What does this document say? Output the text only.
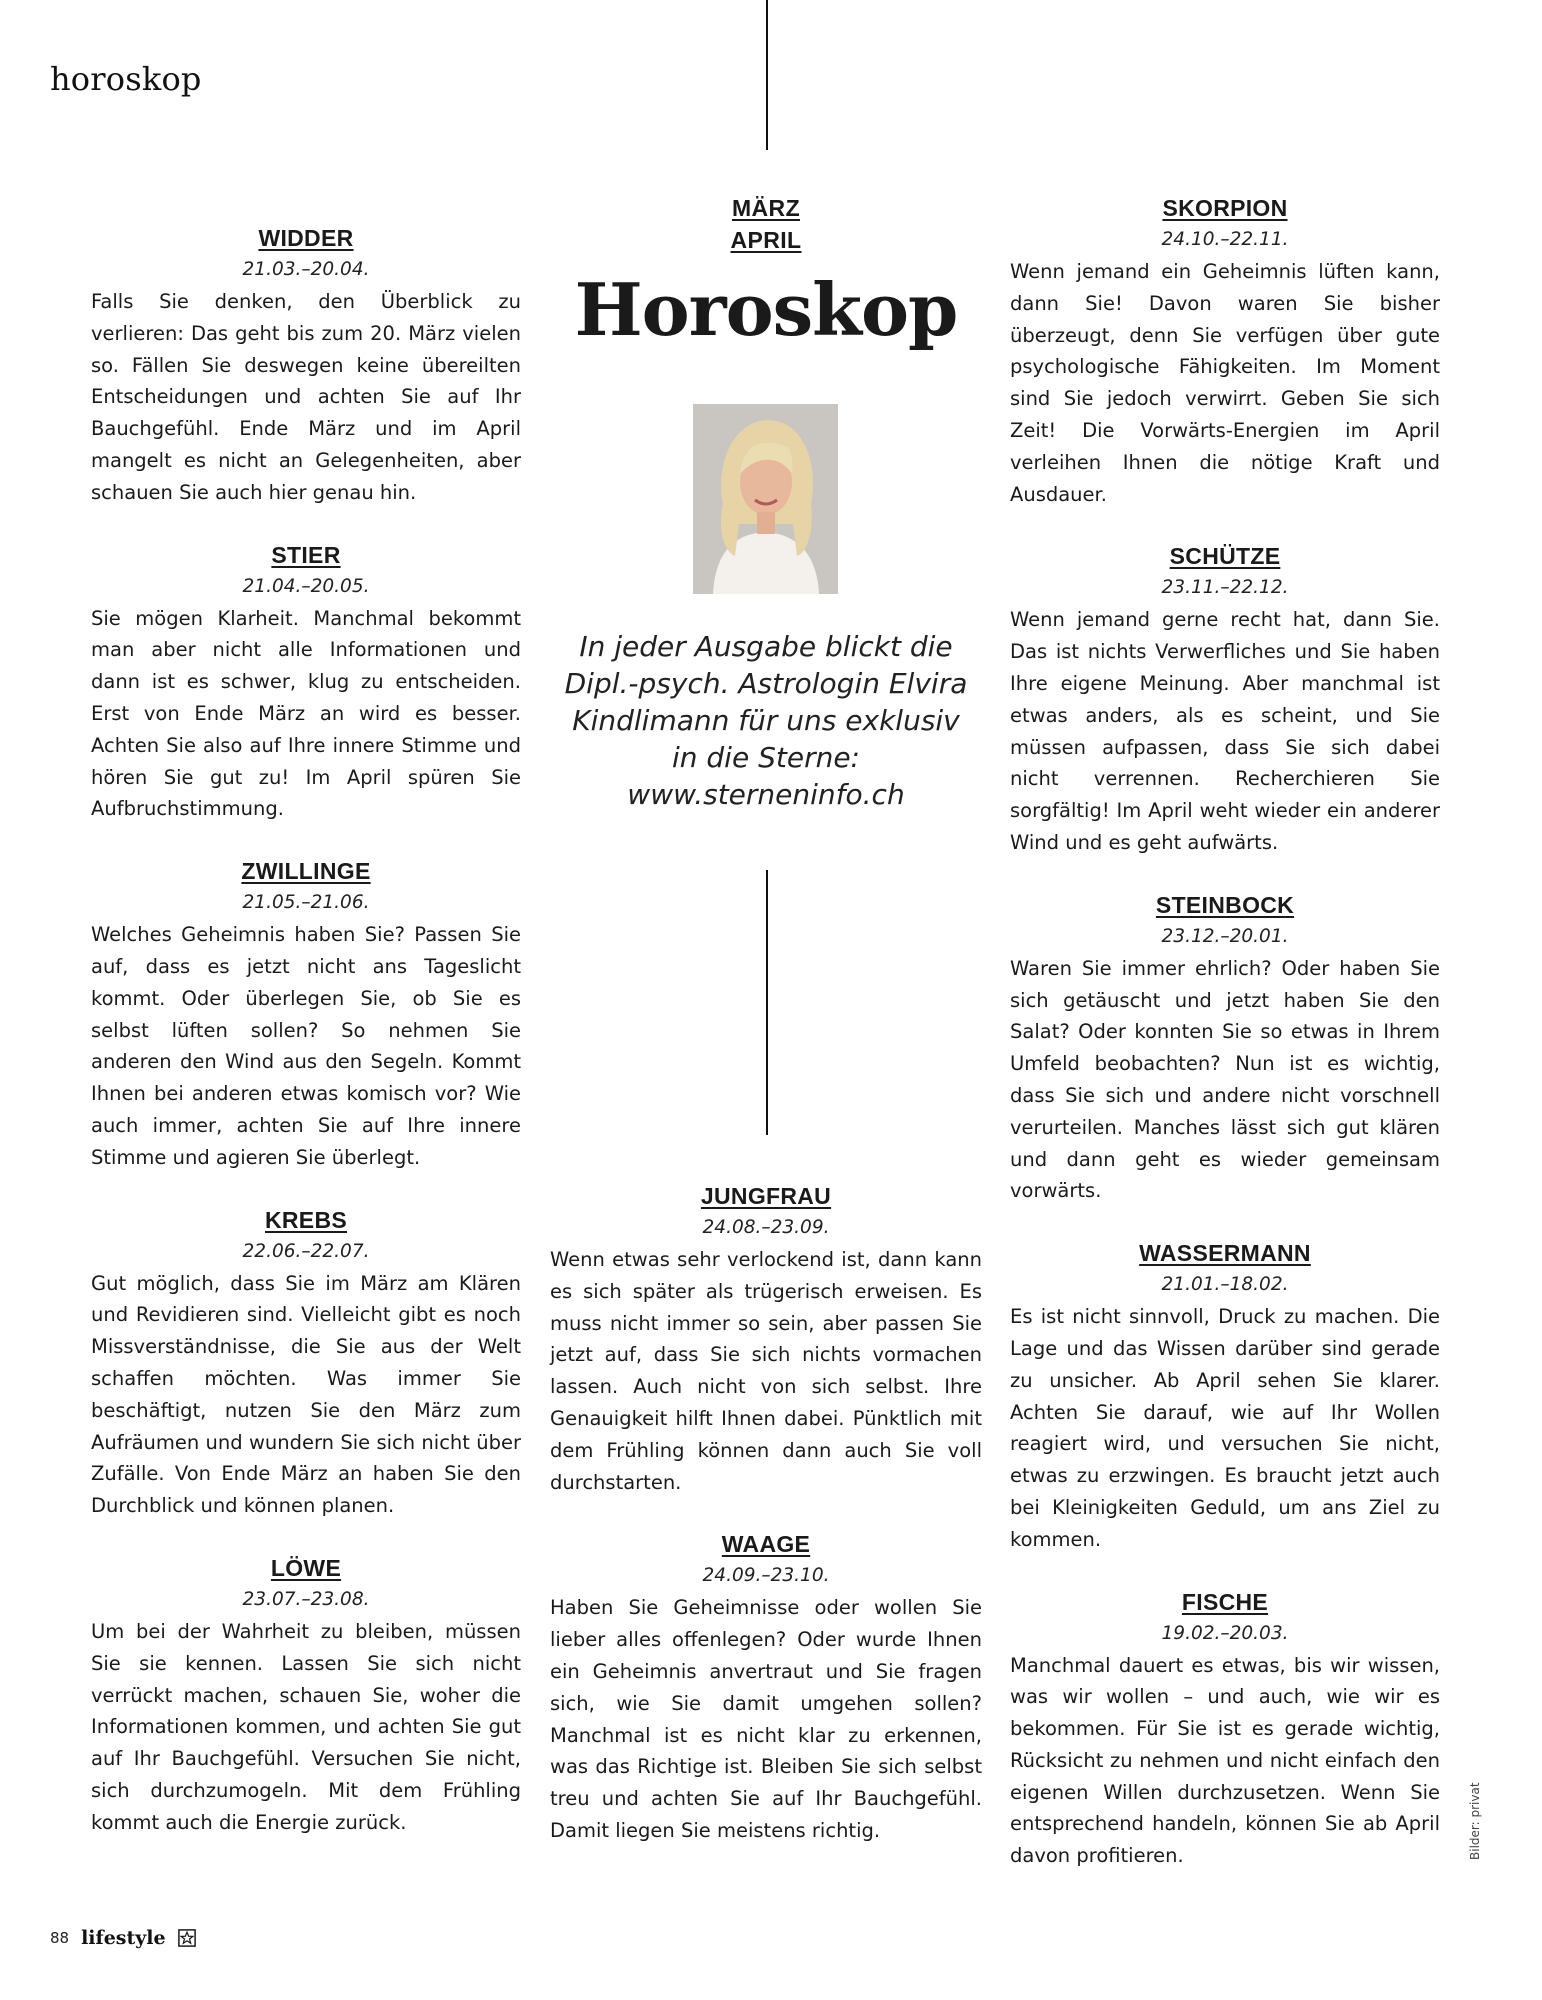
horoskop
WIDDER
21.03.–20.04.

Falls Sie denken, den Überblick zu verlieren: Das geht bis zum 20. März vielen so. Fällen Sie deswegen keine übereilten Entscheidungen und achten Sie auf Ihr Bauchgefühl. Ende März und im April mangelt es nicht an Gelegenheiten, aber schauen Sie auch hier genau hin.

STIER
21.04.–20.05.

Sie mögen Klarheit. Manchmal bekommt man aber nicht alle Informationen und dann ist es schwer, klug zu entscheiden. Erst von Ende März an wird es besser. Achten Sie also auf Ihre innere Stimme und hören Sie gut zu! Im April spüren Sie Aufbruchstimmung.

ZWILLINGE
21.05.–21.06.

Welches Geheimnis haben Sie? Passen Sie auf, dass es jetzt nicht ans Tageslicht kommt. Oder überlegen Sie, ob Sie es selbst lüften sollen? So nehmen Sie anderen den Wind aus den Segeln. Kommt Ihnen bei anderen etwas komisch vor? Wie auch immer, achten Sie auf Ihre innere Stimme und agieren Sie überlegt.

KREBS
22.06.–22.07.

Gut möglich, dass Sie im März am Klären und Revidieren sind. Vielleicht gibt es noch Missverständnisse, die Sie aus der Welt schaffen möchten. Was immer Sie beschäftigt, nutzen Sie den März zum Aufräumen und wundern Sie sich nicht über Zufälle. Von Ende März an haben Sie den Durchblick und können planen.

LÖWE
23.07.–23.08.

Um bei der Wahrheit zu bleiben, müssen Sie sie kennen. Lassen Sie sich nicht verrückt machen, schauen Sie, woher die Informationen kommen, und achten Sie gut auf Ihr Bauchgefühl. Versuchen Sie nicht, sich durchzumogeln. Mit dem Frühling kommt auch die Energie zurück.

MÄRZ
APRIL
Horoskop
In jeder Ausgabe blickt die Dipl.-psych. Astrologin Elvira Kindlimann für uns exklusiv in die Sterne:
www.sterneninfo.ch
JUNGFRAU
24.08.–23.09.

Wenn etwas sehr verlockend ist, dann kann es sich später als trügerisch erweisen. Es muss nicht immer so sein, aber passen Sie jetzt auf, dass Sie sich nichts vormachen lassen. Auch nicht von sich selbst. Ihre Genauigkeit hilft Ihnen dabei. Pünktlich mit dem Frühling können dann auch Sie voll durchstarten.

WAAGE
24.09.–23.10.

Haben Sie Geheimnisse oder wollen Sie lieber alles offenlegen? Oder wurde Ihnen ein Geheimnis anvertraut und Sie fragen sich, wie Sie damit umgehen sollen? Manchmal ist es nicht klar zu erkennen, was das Richtige ist. Bleiben Sie sich selbst treu und achten Sie auf Ihr Bauchgefühl. Damit liegen Sie meistens richtig.

SKORPION
24.10.–22.11.

Wenn jemand ein Geheimnis lüften kann, dann Sie! Davon waren Sie bisher überzeugt, denn Sie verfügen über gute psychologische Fähigkeiten. Im Moment sind Sie jedoch verwirrt. Geben Sie sich Zeit! Die Vorwärts-Energien im April verleihen Ihnen die nötige Kraft und Ausdauer.

SCHÜTZE
23.11.–22.12.

Wenn jemand gerne recht hat, dann Sie. Das ist nichts Verwerfliches und Sie haben Ihre eigene Meinung. Aber manchmal ist etwas anders, als es scheint, und Sie müssen aufpassen, dass Sie sich dabei nicht verrennen. Recherchieren Sie sorgfältig! Im April weht wieder ein anderer Wind und es geht aufwärts.

STEINBOCK
23.12.–20.01.

Waren Sie immer ehrlich? Oder haben Sie sich getäuscht und jetzt haben Sie den Salat? Oder konnten Sie so etwas in Ihrem Umfeld beobachten? Nun ist es wichtig, dass Sie sich und andere nicht vorschnell verurteilen. Manches lässt sich gut klären und dann geht es wieder gemeinsam vorwärts.

WASSERMANN
21.01.–18.02.

Es ist nicht sinnvoll, Druck zu machen. Die Lage und das Wissen darüber sind gerade zu unsicher. Ab April sehen Sie klarer. Achten Sie darauf, wie auf Ihr Wollen reagiert wird, und versuchen Sie nicht, etwas zu erzwingen. Es braucht jetzt auch bei Kleinigkeiten Geduld, um ans Ziel zu kommen.

FISCHE
19.02.–20.03.

Manchmal dauert es etwas, bis wir wissen, was wir wollen – und auch, wie wir es bekommen. Für Sie ist es gerade wichtig, Rücksicht zu nehmen und nicht einfach den eigenen Willen durchzusetzen. Wenn Sie entsprechend handeln, können Sie ab April davon profitieren.	Bilder: privat
88 lifestyle
